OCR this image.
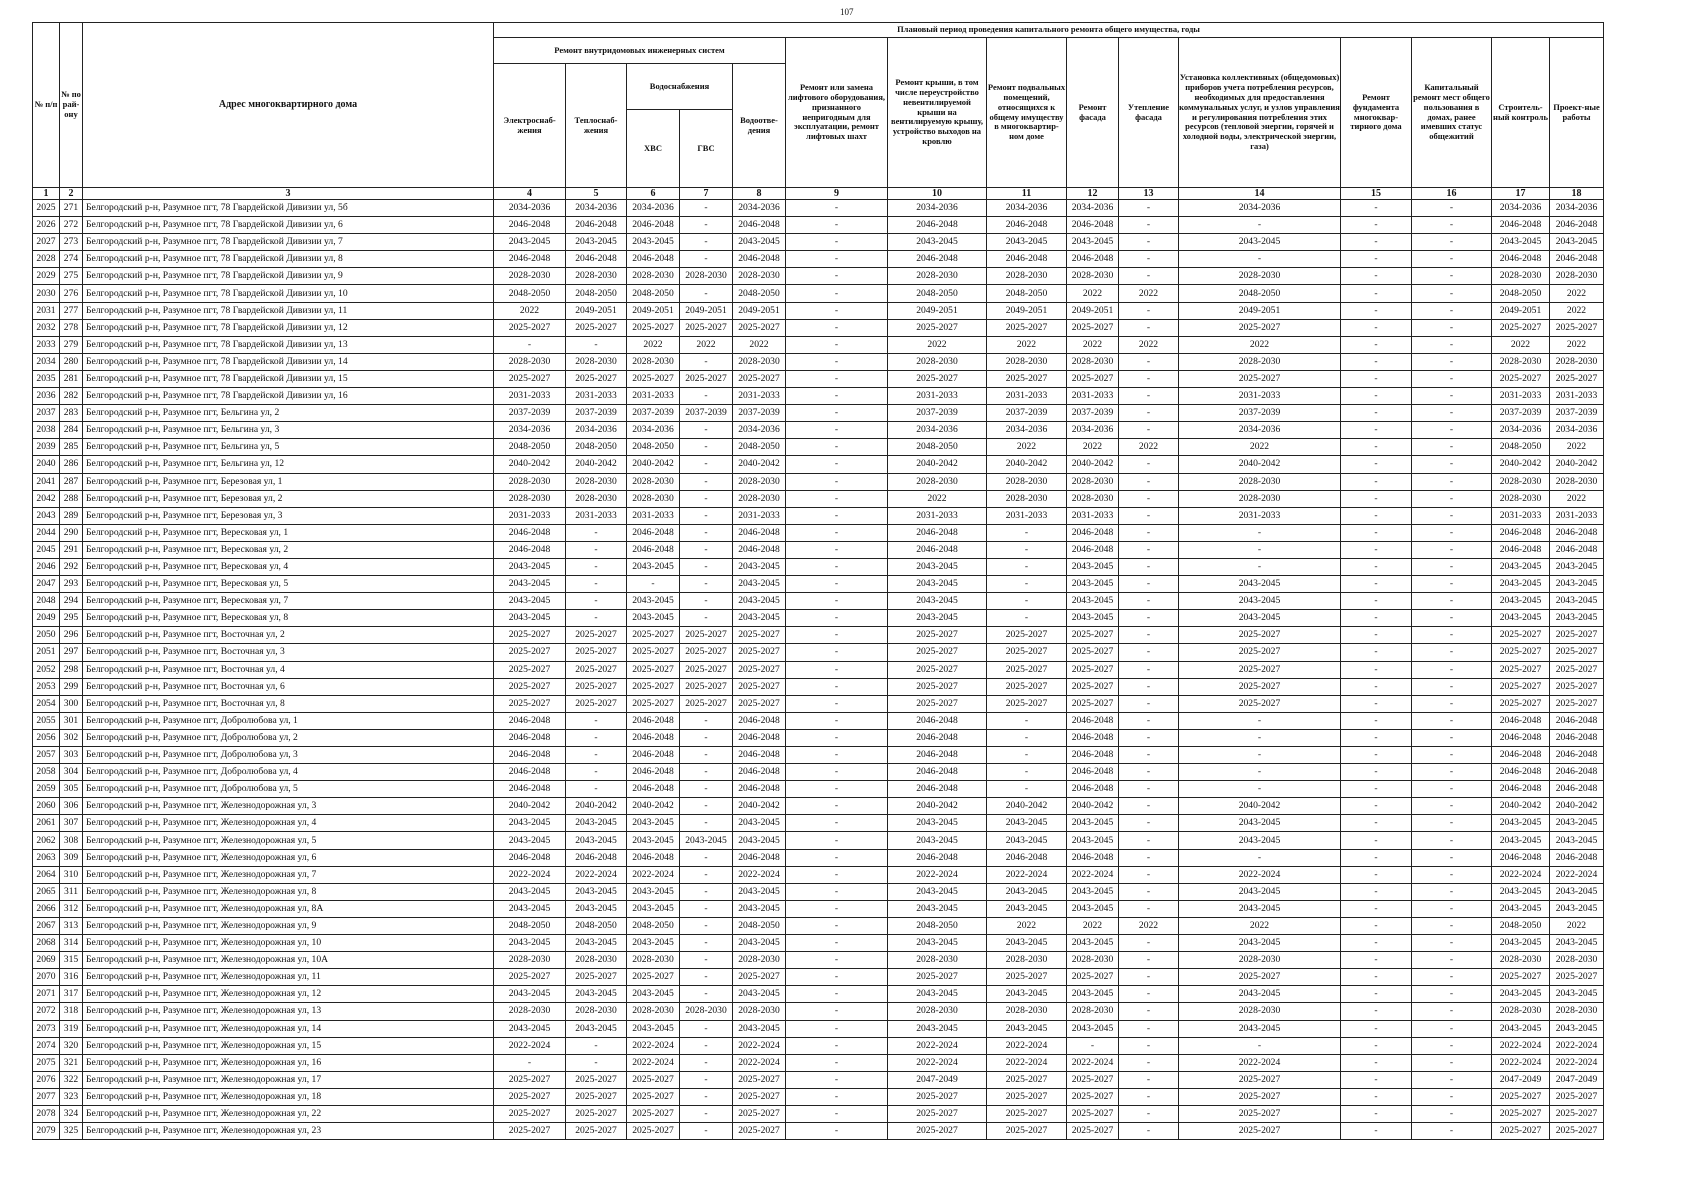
107
№ п/п	№ по рай-ону	Адрес многоквартирного дома	Плановый период проведения капитального ремонта общего имущества, годы														
			Ремонт внутридомовых инженерных систем					Ремонт или замена лифтового оборудования, признанного непригодным для эксплуатации, ремонт лифтовых шахт	Ремонт крыши, в том числе переустройство невентилируемой крыши на вентилируемую крышу, устройство выходов на кровлю	Ремонт подвальных помещений, относящихся к общему имуществу в многоквартир-ном доме	Ремонт фасада	Утепление фасада	Установка коллективных (общедомовых) приборов учета потребления ресурсов, необходимых для предоставления коммунальных услуг, и узлов управления и регулирования потребления этих ресурсов (тепловой энергии, горячей и холодной воды, электрической энергии, газа)	Ремонт фундамента многоквар-тирного дома	Капитальный ремонт мест общего пользования в домах, ранее имевших статус общежитий	Строитель-ный контроль	Проект-ные работы
			Электроснаб-жения	Теплоснаб-жения	Водоснабжения		Водоотве-дения										
					ХВС	ГВС											
1	2	3	4	5	6	7	8	9	10	11	12	13	14	15	16	17	18
2025	271	Белгородский р-н, Разумное пгт, 78 Гвардейской Дивизии ул, 5б	2034-2036	2034-2036	2034-2036	-	2034-2036	-	2034-2036	2034-2036	2034-2036	-	2034-2036	-	-	2034-2036	2034-2036
2026	272	Белгородский р-н, Разумное пгт, 78 Гвардейской Дивизии ул, 6	2046-2048	2046-2048	2046-2048	-	2046-2048	-	2046-2048	2046-2048	2046-2048	-	-	-	-	2046-2048	2046-2048
2027	273	Белгородский р-н, Разумное пгт, 78 Гвардейской Дивизии ул, 7	2043-2045	2043-2045	2043-2045	-	2043-2045	-	2043-2045	2043-2045	2043-2045	-	2043-2045	-	-	2043-2045	2043-2045
2028	274	Белгородский р-н, Разумное пгт, 78 Гвардейской Дивизии ул, 8	2046-2048	2046-2048	2046-2048	-	2046-2048	-	2046-2048	2046-2048	2046-2048	-	-	-	-	2046-2048	2046-2048
2029	275	Белгородский р-н, Разумное пгт, 78 Гвардейской Дивизии ул, 9	2028-2030	2028-2030	2028-2030	2028-2030	2028-2030	-	2028-2030	2028-2030	2028-2030	-	2028-2030	-	-	2028-2030	2028-2030
2030	276	Белгородский р-н, Разумное пгт, 78 Гвардейской Дивизии ул, 10	2048-2050	2048-2050	2048-2050	-	2048-2050	-	2048-2050	2048-2050	2022	2022	2048-2050	-	-	2048-2050	2022
2031	277	Белгородский р-н, Разумное пгт, 78 Гвардейской Дивизии ул, 11	2022	2049-2051	2049-2051	2049-2051	2049-2051	-	2049-2051	2049-2051	2049-2051	-	2049-2051	-	-	2049-2051	2022
2032	278	Белгородский р-н, Разумное пгт, 78 Гвардейской Дивизии ул, 12	2025-2027	2025-2027	2025-2027	2025-2027	2025-2027	-	2025-2027	2025-2027	2025-2027	-	2025-2027	-	-	2025-2027	2025-2027
2033	279	Белгородский р-н, Разумное пгт, 78 Гвардейской Дивизии ул, 13	-	-	2022	2022	2022	-	2022	2022	2022	2022	2022	-	-	2022	2022
2034	280	Белгородский р-н, Разумное пгт, 78 Гвардейской Дивизии ул, 14	2028-2030	2028-2030	2028-2030	-	2028-2030	-	2028-2030	2028-2030	2028-2030	-	2028-2030	-	-	2028-2030	2028-2030
2035	281	Белгородский р-н, Разумное пгт, 78 Гвардейской Дивизии ул, 15	2025-2027	2025-2027	2025-2027	2025-2027	2025-2027	-	2025-2027	2025-2027	2025-2027	-	2025-2027	-	-	2025-2027	2025-2027
2036	282	Белгородский р-н, Разумное пгт, 78 Гвардейской Дивизии ул, 16	2031-2033	2031-2033	2031-2033	-	2031-2033	-	2031-2033	2031-2033	2031-2033	-	2031-2033	-	-	2031-2033	2031-2033
2037	283	Белгородский р-н, Разумное пгт, Бельгина ул, 2	2037-2039	2037-2039	2037-2039	2037-2039	2037-2039	-	2037-2039	2037-2039	2037-2039	-	2037-2039	-	-	2037-2039	2037-2039
2038	284	Белгородский р-н, Разумное пгт, Бельгина ул, 3	2034-2036	2034-2036	2034-2036	-	2034-2036	-	2034-2036	2034-2036	2034-2036	-	2034-2036	-	-	2034-2036	2034-2036
2039	285	Белгородский р-н, Разумное пгт, Бельгина ул, 5	2048-2050	2048-2050	2048-2050	-	2048-2050	-	2048-2050	2022	2022	2022	2022	-	-	2048-2050	2022
2040	286	Белгородский р-н, Разумное пгт, Бельгина ул, 12	2040-2042	2040-2042	2040-2042	-	2040-2042	-	2040-2042	2040-2042	2040-2042	-	2040-2042	-	-	2040-2042	2040-2042
2041	287	Белгородский р-н, Разумное пгт, Березовая ул, 1	2028-2030	2028-2030	2028-2030	-	2028-2030	-	2028-2030	2028-2030	2028-2030	-	2028-2030	-	-	2028-2030	2028-2030
2042	288	Белгородский р-н, Разумное пгт, Березовая ул, 2	2028-2030	2028-2030	2028-2030	-	2028-2030	-	2022	2028-2030	2028-2030	-	2028-2030	-	-	2028-2030	2022
2043	289	Белгородский р-н, Разумное пгт, Березовая ул, 3	2031-2033	2031-2033	2031-2033	-	2031-2033	-	2031-2033	2031-2033	2031-2033	-	2031-2033	-	-	2031-2033	2031-2033
2044	290	Белгородский р-н, Разумное пгт, Вересковая ул, 1	2046-2048	-	2046-2048	-	2046-2048	-	2046-2048	-	2046-2048	-	-	-	-	2046-2048	2046-2048
2045	291	Белгородский р-н, Разумное пгт, Вересковая ул, 2	2046-2048	-	2046-2048	-	2046-2048	-	2046-2048	-	2046-2048	-	-	-	-	2046-2048	2046-2048
2046	292	Белгородский р-н, Разумное пгт, Вересковая ул, 4	2043-2045	-	2043-2045	-	2043-2045	-	2043-2045	-	2043-2045	-	-	-	-	2043-2045	2043-2045
2047	293	Белгородский р-н, Разумное пгт, Вересковая ул, 5	2043-2045	-	-	-	2043-2045	-	2043-2045	-	2043-2045	-	2043-2045	-	-	2043-2045	2043-2045
2048	294	Белгородский р-н, Разумное пгт, Вересковая ул, 7	2043-2045	-	2043-2045	-	2043-2045	-	2043-2045	-	2043-2045	-	2043-2045	-	-	2043-2045	2043-2045
2049	295	Белгородский р-н, Разумное пгт, Вересковая ул, 8	2043-2045	-	2043-2045	-	2043-2045	-	2043-2045	-	2043-2045	-	2043-2045	-	-	2043-2045	2043-2045
2050	296	Белгородский р-н, Разумное пгт, Восточная ул, 2	2025-2027	2025-2027	2025-2027	2025-2027	2025-2027	-	2025-2027	2025-2027	2025-2027	-	2025-2027	-	-	2025-2027	2025-2027
2051	297	Белгородский р-н, Разумное пгт, Восточная ул, 3	2025-2027	2025-2027	2025-2027	2025-2027	2025-2027	-	2025-2027	2025-2027	2025-2027	-	2025-2027	-	-	2025-2027	2025-2027
2052	298	Белгородский р-н, Разумное пгт, Восточная ул, 4	2025-2027	2025-2027	2025-2027	2025-2027	2025-2027	-	2025-2027	2025-2027	2025-2027	-	2025-2027	-	-	2025-2027	2025-2027
2053	299	Белгородский р-н, Разумное пгт, Восточная ул, 6	2025-2027	2025-2027	2025-2027	2025-2027	2025-2027	-	2025-2027	2025-2027	2025-2027	-	2025-2027	-	-	2025-2027	2025-2027
2054	300	Белгородский р-н, Разумное пгт, Восточная ул, 8	2025-2027	2025-2027	2025-2027	2025-2027	2025-2027	-	2025-2027	2025-2027	2025-2027	-	2025-2027	-	-	2025-2027	2025-2027
2055	301	Белгородский р-н, Разумное пгт, Добролюбова ул, 1	2046-2048	-	2046-2048	-	2046-2048	-	2046-2048	-	2046-2048	-	-	-	-	2046-2048	2046-2048
2056	302	Белгородский р-н, Разумное пгт, Добролюбова ул, 2	2046-2048	-	2046-2048	-	2046-2048	-	2046-2048	-	2046-2048	-	-	-	-	2046-2048	2046-2048
2057	303	Белгородский р-н, Разумное пгт, Добролюбова ул, 3	2046-2048	-	2046-2048	-	2046-2048	-	2046-2048	-	2046-2048	-	-	-	-	2046-2048	2046-2048
2058	304	Белгородский р-н, Разумное пгт, Добролюбова ул, 4	2046-2048	-	2046-2048	-	2046-2048	-	2046-2048	-	2046-2048	-	-	-	-	2046-2048	2046-2048
2059	305	Белгородский р-н, Разумное пгт, Добролюбова ул, 5	2046-2048	-	2046-2048	-	2046-2048	-	2046-2048	-	2046-2048	-	-	-	-	2046-2048	2046-2048
2060	306	Белгородский р-н, Разумное пгт, Железнодорожная ул, 3	2040-2042	2040-2042	2040-2042	-	2040-2042	-	2040-2042	2040-2042	2040-2042	-	2040-2042	-	-	2040-2042	2040-2042
2061	307	Белгородский р-н, Разумное пгт, Железнодорожная ул, 4	2043-2045	2043-2045	2043-2045	-	2043-2045	-	2043-2045	2043-2045	2043-2045	-	2043-2045	-	-	2043-2045	2043-2045
2062	308	Белгородский р-н, Разумное пгт, Железнодорожная ул, 5	2043-2045	2043-2045	2043-2045	2043-2045	2043-2045	-	2043-2045	2043-2045	2043-2045	-	2043-2045	-	-	2043-2045	2043-2045
2063	309	Белгородский р-н, Разумное пгт, Железнодорожная ул, 6	2046-2048	2046-2048	2046-2048	-	2046-2048	-	2046-2048	2046-2048	2046-2048	-	-	-	-	2046-2048	2046-2048
2064	310	Белгородский р-н, Разумное пгт, Железнодорожная ул, 7	2022-2024	2022-2024	2022-2024	-	2022-2024	-	2022-2024	2022-2024	2022-2024	-	2022-2024	-	-	2022-2024	2022-2024
2065	311	Белгородский р-н, Разумное пгт, Железнодорожная ул, 8	2043-2045	2043-2045	2043-2045	-	2043-2045	-	2043-2045	2043-2045	2043-2045	-	2043-2045	-	-	2043-2045	2043-2045
2066	312	Белгородский р-н, Разумное пгт, Железнодорожная ул, 8А	2043-2045	2043-2045	2043-2045	-	2043-2045	-	2043-2045	2043-2045	2043-2045	-	2043-2045	-	-	2043-2045	2043-2045
2067	313	Белгородский р-н, Разумное пгт, Железнодорожная ул, 9	2048-2050	2048-2050	2048-2050	-	2048-2050	-	2048-2050	2022	2022	2022	2022	-	-	2048-2050	2022
2068	314	Белгородский р-н, Разумное пгт, Железнодорожная ул, 10	2043-2045	2043-2045	2043-2045	-	2043-2045	-	2043-2045	2043-2045	2043-2045	-	2043-2045	-	-	2043-2045	2043-2045
2069	315	Белгородский р-н, Разумное пгт, Железнодорожная ул, 10А	2028-2030	2028-2030	2028-2030	-	2028-2030	-	2028-2030	2028-2030	2028-2030	-	2028-2030	-	-	2028-2030	2028-2030
2070	316	Белгородский р-н, Разумное пгт, Железнодорожная ул, 11	2025-2027	2025-2027	2025-2027	-	2025-2027	-	2025-2027	2025-2027	2025-2027	-	2025-2027	-	-	2025-2027	2025-2027
2071	317	Белгородский р-н, Разумное пгт, Железнодорожная ул, 12	2043-2045	2043-2045	2043-2045	-	2043-2045	-	2043-2045	2043-2045	2043-2045	-	2043-2045	-	-	2043-2045	2043-2045
2072	318	Белгородский р-н, Разумное пгт, Железнодорожная ул, 13	2028-2030	2028-2030	2028-2030	2028-2030	2028-2030	-	2028-2030	2028-2030	2028-2030	-	2028-2030	-	-	2028-2030	2028-2030
2073	319	Белгородский р-н, Разумное пгт, Железнодорожная ул, 14	2043-2045	2043-2045	2043-2045	-	2043-2045	-	2043-2045	2043-2045	2043-2045	-	2043-2045	-	-	2043-2045	2043-2045
2074	320	Белгородский р-н, Разумное пгт, Железнодорожная ул, 15	2022-2024	-	2022-2024	-	2022-2024	-	2022-2024	2022-2024	-	-	-	-	-	2022-2024	2022-2024
2075	321	Белгородский р-н, Разумное пгт, Железнодорожная ул, 16	-	-	2022-2024	-	2022-2024	-	2022-2024	2022-2024	2022-2024	-	2022-2024	-	-	2022-2024	2022-2024
2076	322	Белгородский р-н, Разумное пгт, Железнодорожная ул, 17	2025-2027	2025-2027	2025-2027	-	2025-2027	-	2047-2049	2025-2027	2025-2027	-	2025-2027	-	-	2047-2049	2047-2049
2077	323	Белгородский р-н, Разумное пгт, Железнодорожная ул, 18	2025-2027	2025-2027	2025-2027	-	2025-2027	-	2025-2027	2025-2027	2025-2027	-	2025-2027	-	-	2025-2027	2025-2027
2078	324	Белгородский р-н, Разумное пгт, Железнодорожная ул, 22	2025-2027	2025-2027	2025-2027	-	2025-2027	-	2025-2027	2025-2027	2025-2027	-	2025-2027	-	-	2025-2027	2025-2027
2079	325	Белгородский р-н, Разумное пгт, Железнодорожная ул, 23	2025-2027	2025-2027	2025-2027	-	2025-2027	-	2025-2027	2025-2027	2025-2027	-	2025-2027	-	-	2025-2027	2025-2027
